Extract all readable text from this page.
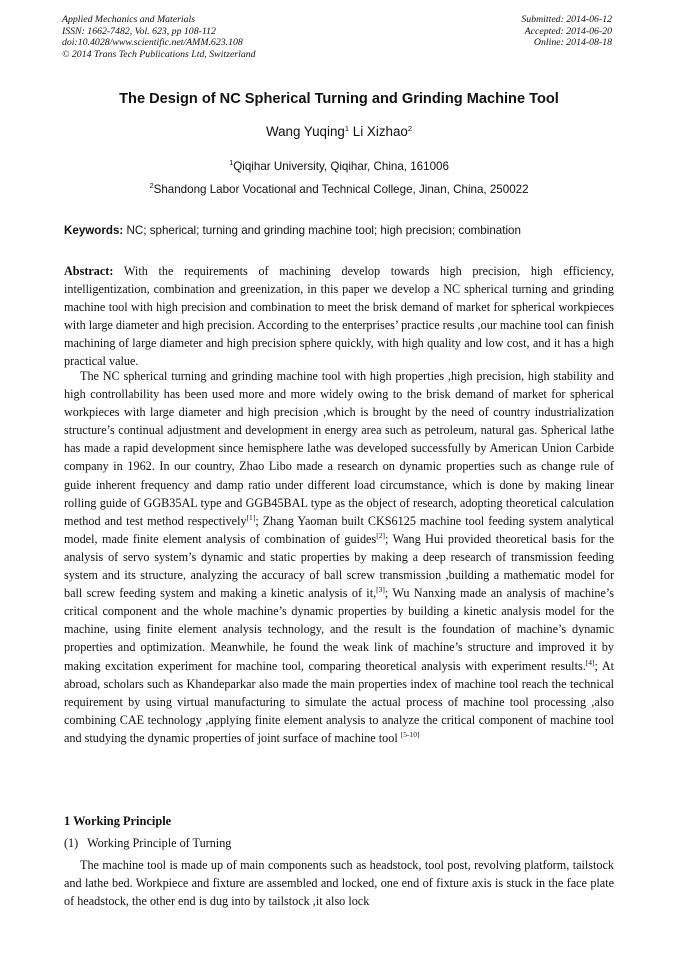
Applied Mechanics and Materials
ISSN: 1662-7482, Vol. 623, pp 108-112
doi:10.4028/www.scientific.net/AMM.623.108
© 2014 Trans Tech Publications Ltd, Switzerland
Submitted: 2014-06-12
Accepted: 2014-06-20
Online: 2014-08-18
The Design of NC Spherical Turning and Grinding Machine Tool
Wang Yuqing$^1$ Li Xizhao$^2$
$^1$Qiqihar University, Qiqihar, China, 161006
$^2$Shandong Labor Vocational and Technical College, Jinan, China, 250022
Keywords: NC; spherical; turning and grinding machine tool; high precision; combination

Abstract: With the requirements of machining develop towards high precision, high efficiency, intelligentization, combination and greenization, in this paper we develop a NC spherical turning and grinding machine tool with high precision and combination to meet the brisk demand of market for spherical workpieces with large diameter and high precision. According to the enterprises’ practice results ,our machine tool can finish machining of large diameter and high precision sphere quickly, with high quality and low cost, and it has a high practical value.

The NC spherical turning and grinding machine tool with high properties ,high precision, high stability and high controllability has been used more and more widely owing to the brisk demand of market for spherical workpieces with large diameter and high precision ,which is brought by the need of country industrialization structure’s continual adjustment and development in energy area such as petroleum, natural gas. Spherical lathe has made a rapid development since hemisphere lathe was developed successfully by American Union Carbide company in 1962. In our country, Zhao Libo made a research on dynamic properties such as change rule of guide inherent frequency and damp ratio under different load circumstance, which is done by making linear rolling guide of GGB35AL type and GGB45BAL type as the object of research, adopting theoretical calculation method and test method respectively[1]; Zhang Yaoman built CKS6125 machine tool feeding system analytical model, made finite element analysis of combination of guides[2]; Wang Hui provided theoretical basis for the analysis of servo system’s dynamic and static properties by making a deep research of transmission feeding system and its structure, analyzing the accuracy of ball screw transmission ,building a mathematic model for ball screw feeding system and making a kinetic analysis of it,[3]; Wu Nanxing made an analysis of machine’s critical component and the whole machine’s dynamic properties by building a kinetic analysis model for the machine, using finite element analysis technology, and the result is the foundation of machine’s dynamic properties and optimization. Meanwhile, he found the weak link of machine’s structure and improved it by making excitation experiment for machine tool, comparing theoretical analysis with experiment results.[4]; At abroad, scholars such as Khandeparkar also made the main properties index of machine tool reach the technical requirement by using virtual manufacturing to simulate the actual process of machine tool processing ,also combining CAE technology ,applying finite element analysis to analyze the critical component of machine tool and studying the dynamic properties of joint surface of machine tool [5-10]

1 Working Principle
(1)   Working Principle of Turning

The machine tool is made up of main components such as headstock, tool post, revolving platform, tailstock and lathe bed. Workpiece and fixture are assembled and locked, one end of fixture axis is stuck in the face plate of headstock, the other end is dug into by tailstock ,it also lock
